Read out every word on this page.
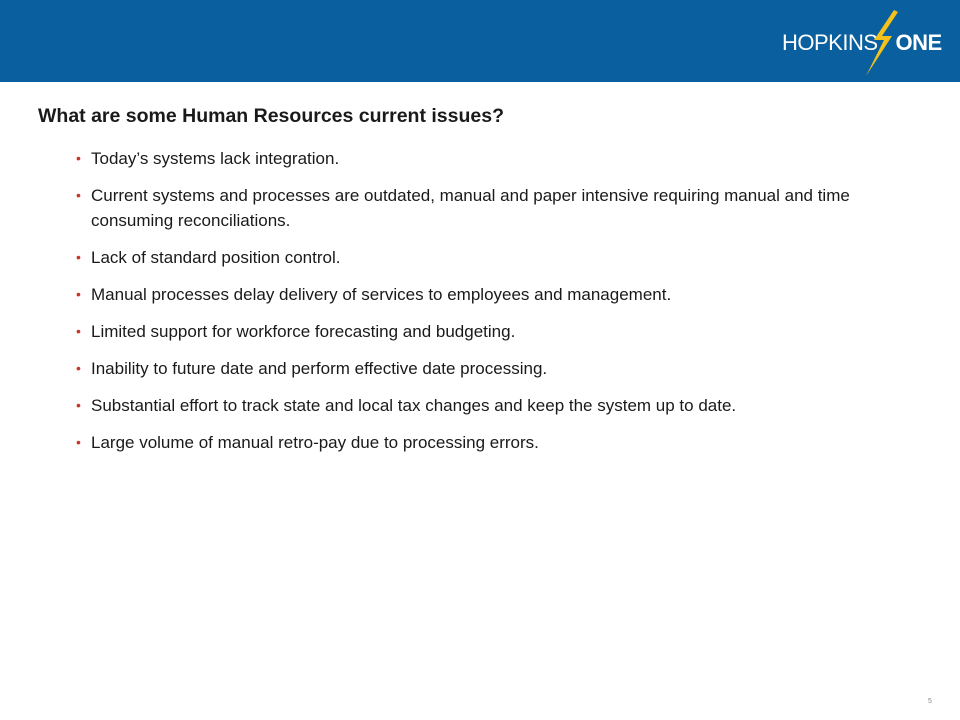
HOPKINS ONE
What are some Human Resources current issues?
• Today’s systems lack integration.
• Current systems and processes are outdated, manual and paper intensive requiring manual and time consuming reconciliations.
• Lack of standard position control.
• Manual processes delay delivery of services to employees and management.
• Limited support for workforce forecasting and budgeting.
• Inability to future date and perform effective date processing.
• Substantial effort to track state and local tax changes and keep the system up to date.
• Large volume of manual retro-pay due to processing errors.
5
